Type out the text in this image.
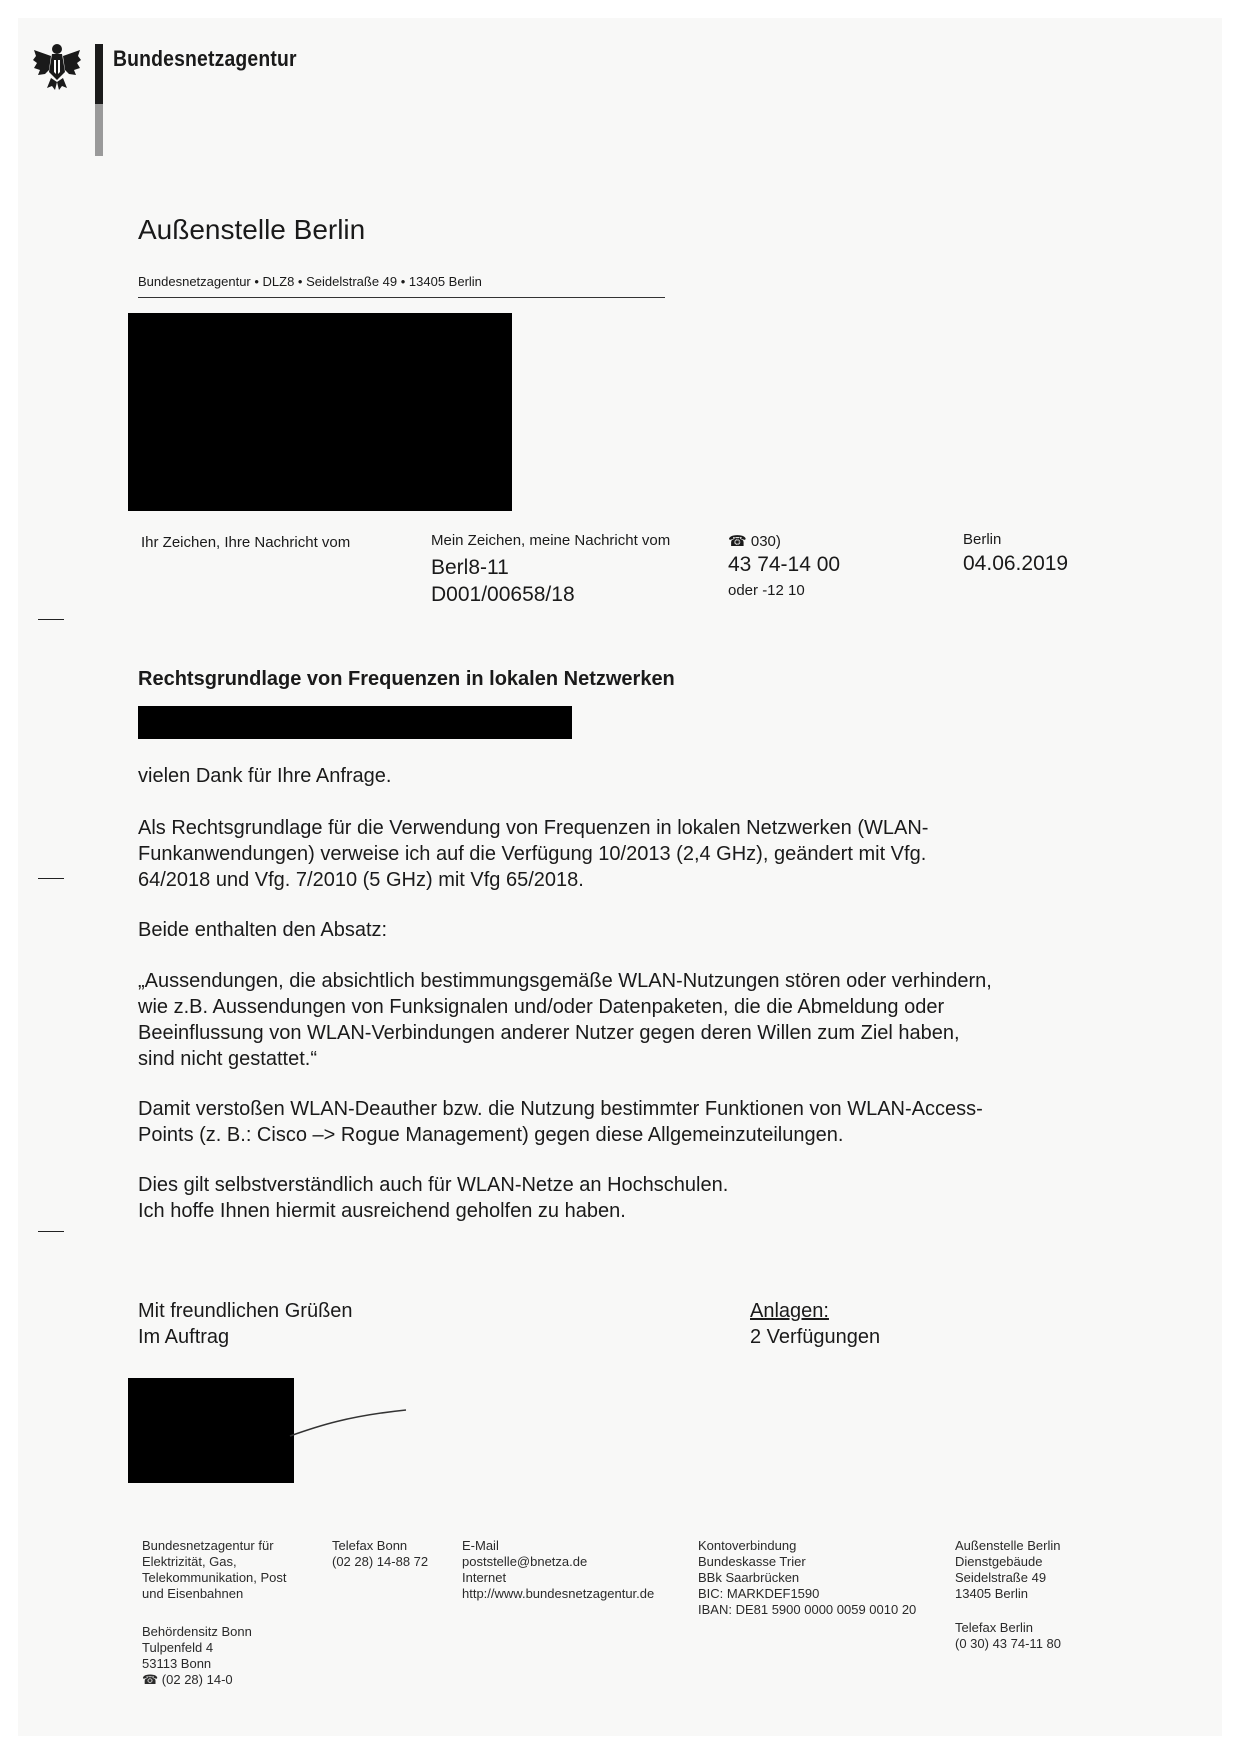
Bundesnetzagentur
Außenstelle Berlin
Bundesnetzagentur • DLZ8 • Seidelstraße 49 • 13405 Berlin
Ihr Zeichen, Ihre Nachricht vom	Mein Zeichen, meine Nachricht vom
Berl8-11
D001/00658/18
☎ 030)
43 74-14 00
oder -12 10
Berlin
04.06.2019
Rechtsgrundlage von Frequenzen in lokalen Netzwerken
vielen Dank für Ihre Anfrage.
Als Rechtsgrundlage für die Verwendung von Frequenzen in lokalen Netzwerken (WLAN-
Funkanwendungen) verweise ich auf die Verfügung 10/2013 (2,4 GHz), geändert mit Vfg.
64/2018 und Vfg. 7/2010 (5 GHz) mit Vfg 65/2018.
Beide enthalten den Absatz:
„Aussendungen, die absichtlich bestimmungsgemäße WLAN-Nutzungen stören oder verhindern,
wie z.B. Aussendungen von Funksignalen und/oder Datenpaketen, die die Abmeldung oder
Beeinflussung von WLAN-Verbindungen anderer Nutzer gegen deren Willen zum Ziel haben,
sind nicht gestattet.“
Damit verstoßen WLAN-Deauther bzw. die Nutzung bestimmter Funktionen von WLAN-Access-
Points (z. B.: Cisco –> Rogue Management) gegen diese Allgemeinzuteilungen.
Dies gilt selbstverständlich auch für WLAN-Netze an Hochschulen.
Ich hoffe Ihnen hiermit ausreichend geholfen zu haben.
Mit freundlichen Grüßen
Im Auftrag
Anlagen:
2 Verfügungen
Bundesnetzagentur für
Elektrizität, Gas,
Telekommunikation, Post
und Eisenbahnen
Behördensitz Bonn
Tulpenfeld 4
53113 Bonn
☎ (02 28) 14-0
Telefax Bonn
(02 28) 14-88 72
E-Mail
poststelle@bnetza.de
Internet
http://www.bundesnetzagentur.de
Kontoverbindung
Bundeskasse Trier
BBk Saarbrücken
BIC: MARKDEF1590
IBAN: DE81 5900 0000 0059 0010 20
Außenstelle Berlin
Dienstgebäude
Seidelstraße 49
13405 Berlin
Telefax Berlin
(0 30) 43 74-11 80
